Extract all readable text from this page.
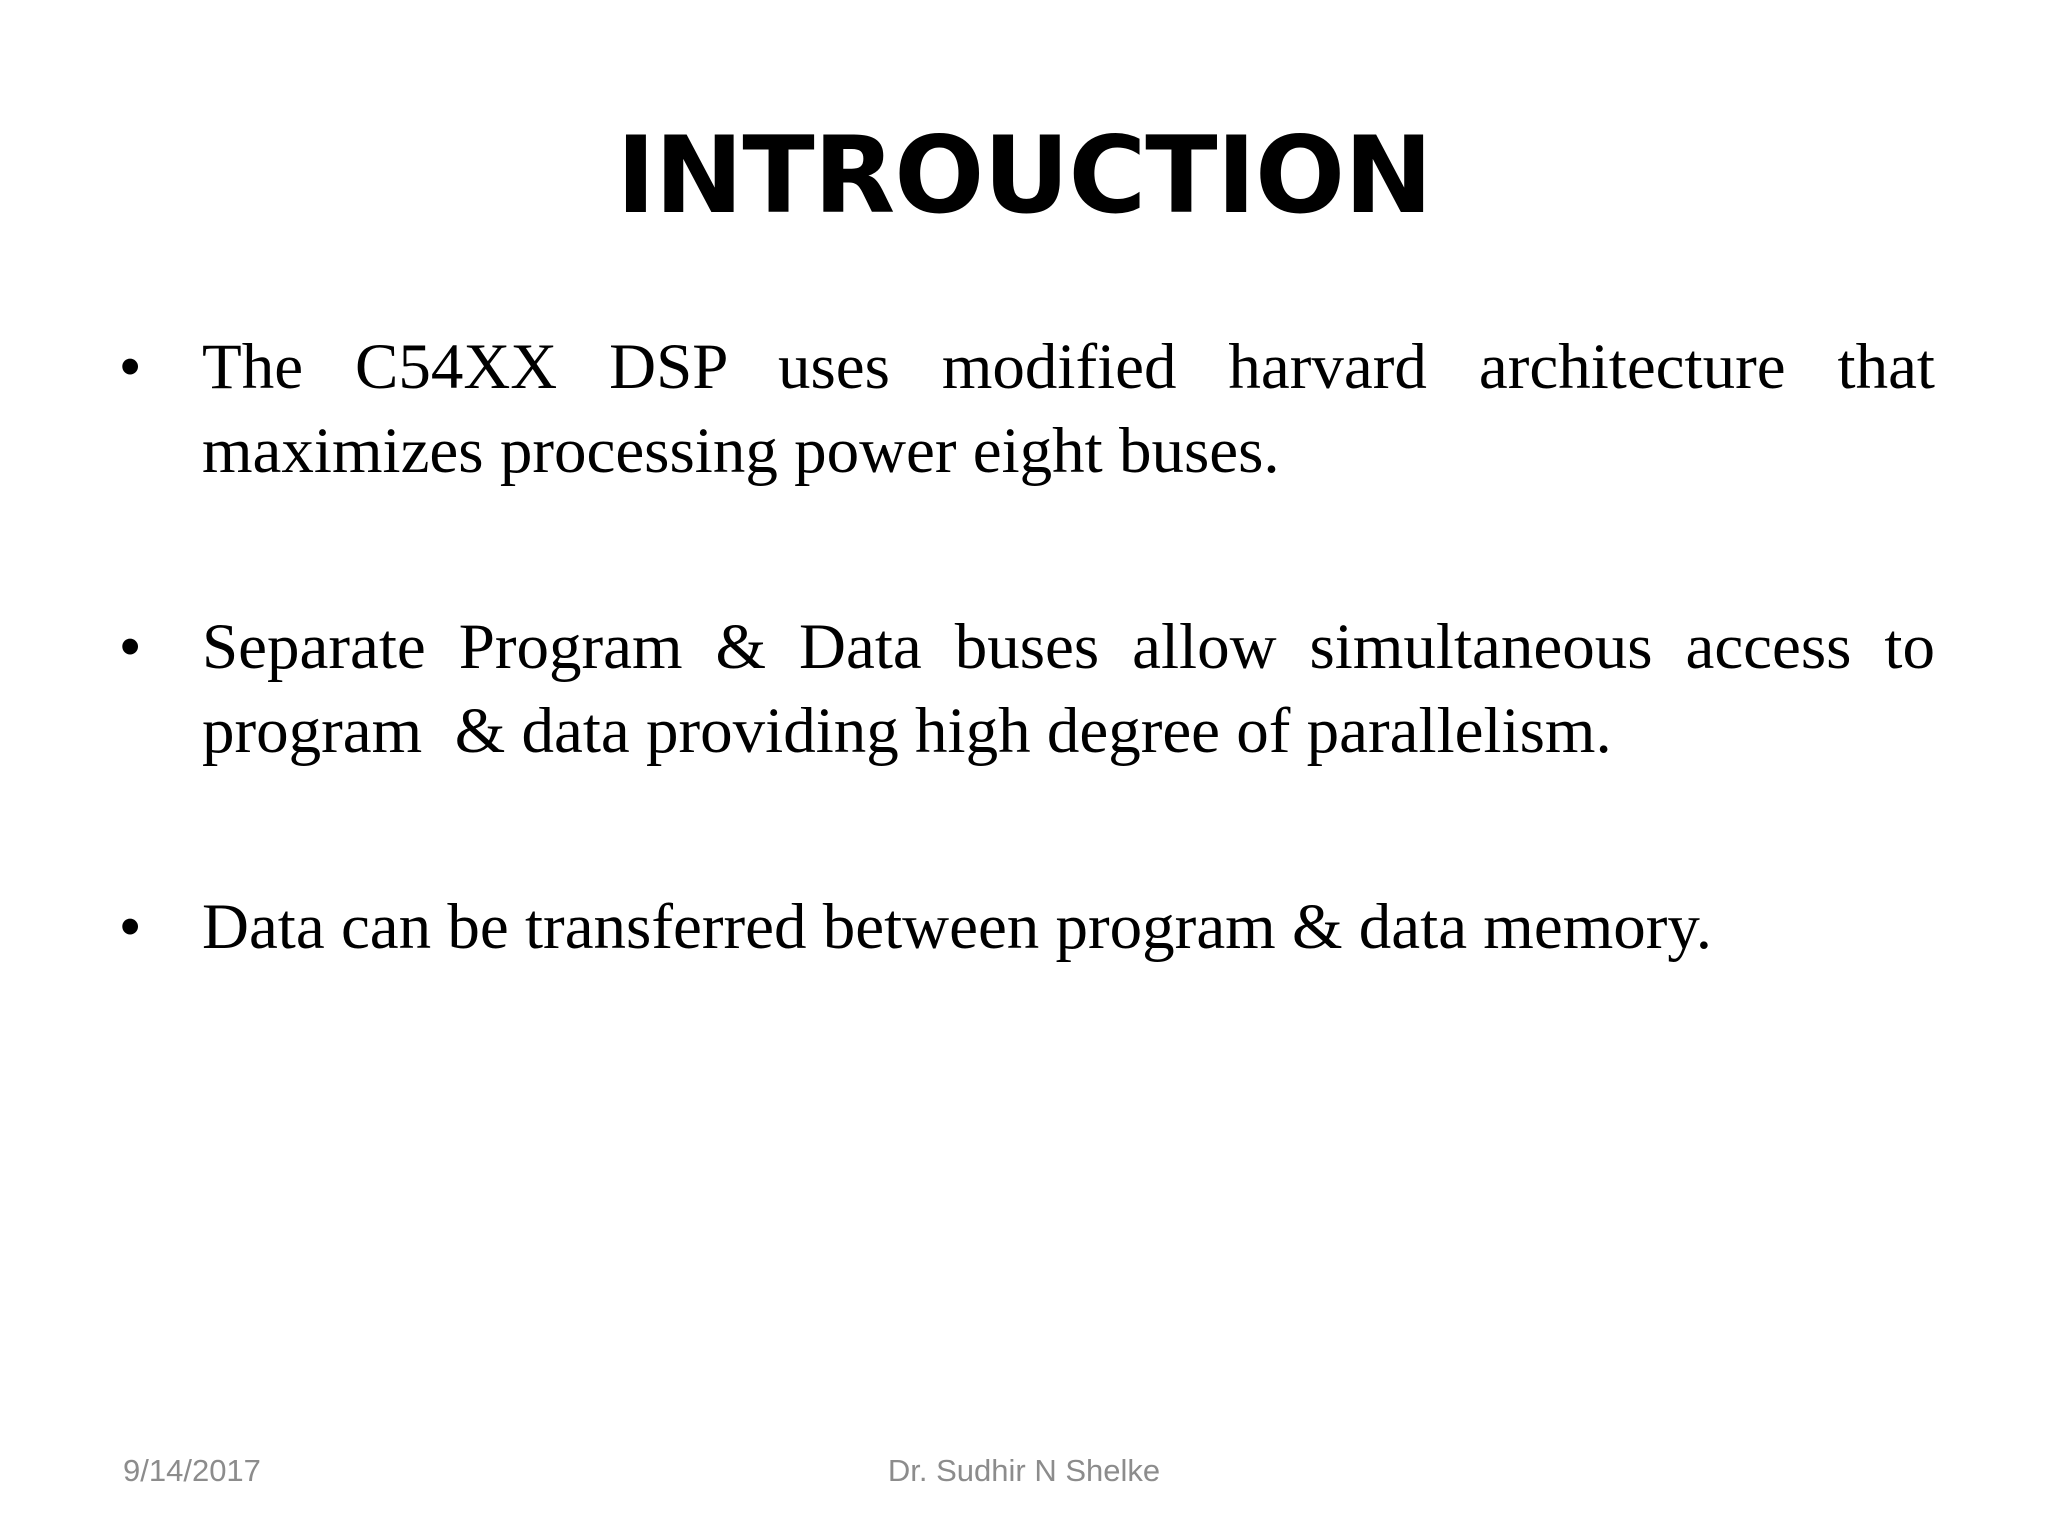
INTROUCTION
• The C54XX DSP uses modified harvard architecture that maximizes processing power eight buses.
• Separate Program & Data buses allow simultaneous access to program  & data providing high degree of parallelism.
• Data can be transferred between program & data memory.
9/14/2017	Dr. Sudhir N Shelke
